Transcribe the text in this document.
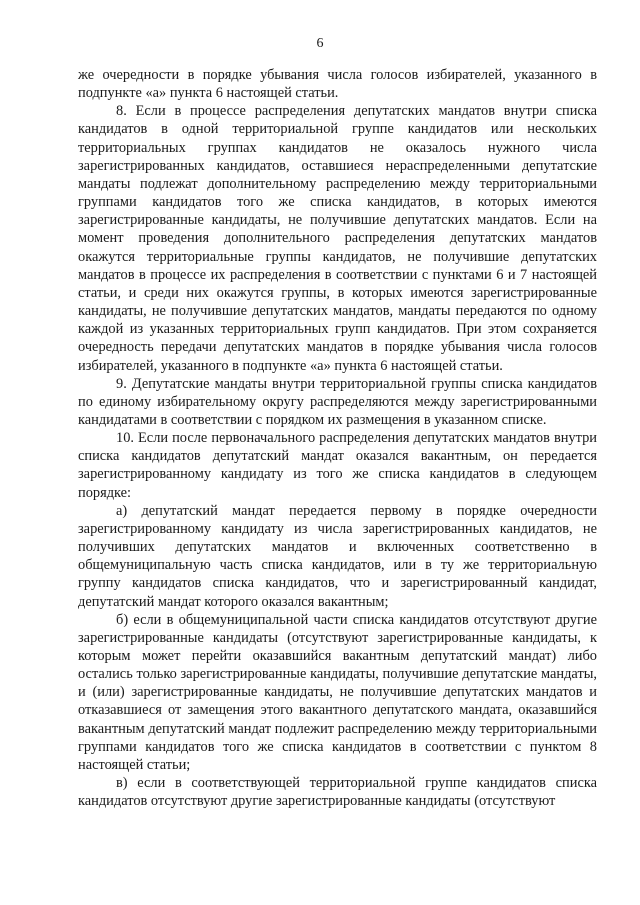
6

же очередности в порядке убывания числа голосов избирателей, указанного в подпункте «а» пункта 6 настоящей статьи.

8. Если в процессе распределения депутатских мандатов внутри списка кандидатов в одной территориальной группе кандидатов или нескольких территориальных группах кандидатов не оказалось нужного числа зарегистрированных кандидатов, оставшиеся нераспределенными депутатские мандаты подлежат дополнительному распределению между территориальными группами кандидатов того же списка кандидатов, в которых имеются зарегистрированные кандидаты, не получившие депутатских мандатов. Если на момент проведения дополнительного распределения депутатских мандатов окажутся территориальные группы кандидатов, не получившие депутатских мандатов в процессе их распределения в соответствии с пунктами 6 и 7 настоящей статьи, и среди них окажутся группы, в которых имеются зарегистрированные кандидаты, не получившие депутатских мандатов, мандаты передаются по одному каждой из указанных территориальных групп кандидатов. При этом сохраняется очередность передачи депутатских мандатов в порядке убывания числа голосов избирателей, указанного в подпункте «а» пункта 6 настоящей статьи.

9. Депутатские мандаты внутри территориальной группы списка кандидатов по единому избирательному округу распределяются между зарегистрированными кандидатами в соответствии с порядком их размещения в указанном списке.

10. Если после первоначального распределения депутатских мандатов внутри списка кандидатов депутатский мандат оказался вакантным, он передается зарегистрированному кандидату из того же списка кандидатов в следующем порядке:

а) депутатский мандат передается первому в порядке очередности зарегистрированному кандидату из числа зарегистрированных кандидатов, не получивших депутатских мандатов и включенных соответственно в общемуниципальную часть списка кандидатов, или в ту же территориальную группу кандидатов списка кандидатов, что и зарегистрированный кандидат, депутатский мандат которого оказался вакантным;

б) если в общемуниципальной части списка кандидатов отсутствуют другие зарегистрированные кандидаты (отсутствуют зарегистрированные кандидаты, к которым может перейти оказавшийся вакантным депутатский мандат) либо остались только зарегистрированные кандидаты, получившие депутатские мандаты, и (или) зарегистрированные кандидаты, не получившие депутатских мандатов и отказавшиеся от замещения этого вакантного депутатского мандата, оказавшийся вакантным депутатский мандат подлежит распределению между территориальными группами кандидатов того же списка кандидатов в соответствии с пунктом 8 настоящей статьи;

в) если в соответствующей территориальной группе кандидатов списка кандидатов отсутствуют другие зарегистрированные кандидаты (отсутствуют
